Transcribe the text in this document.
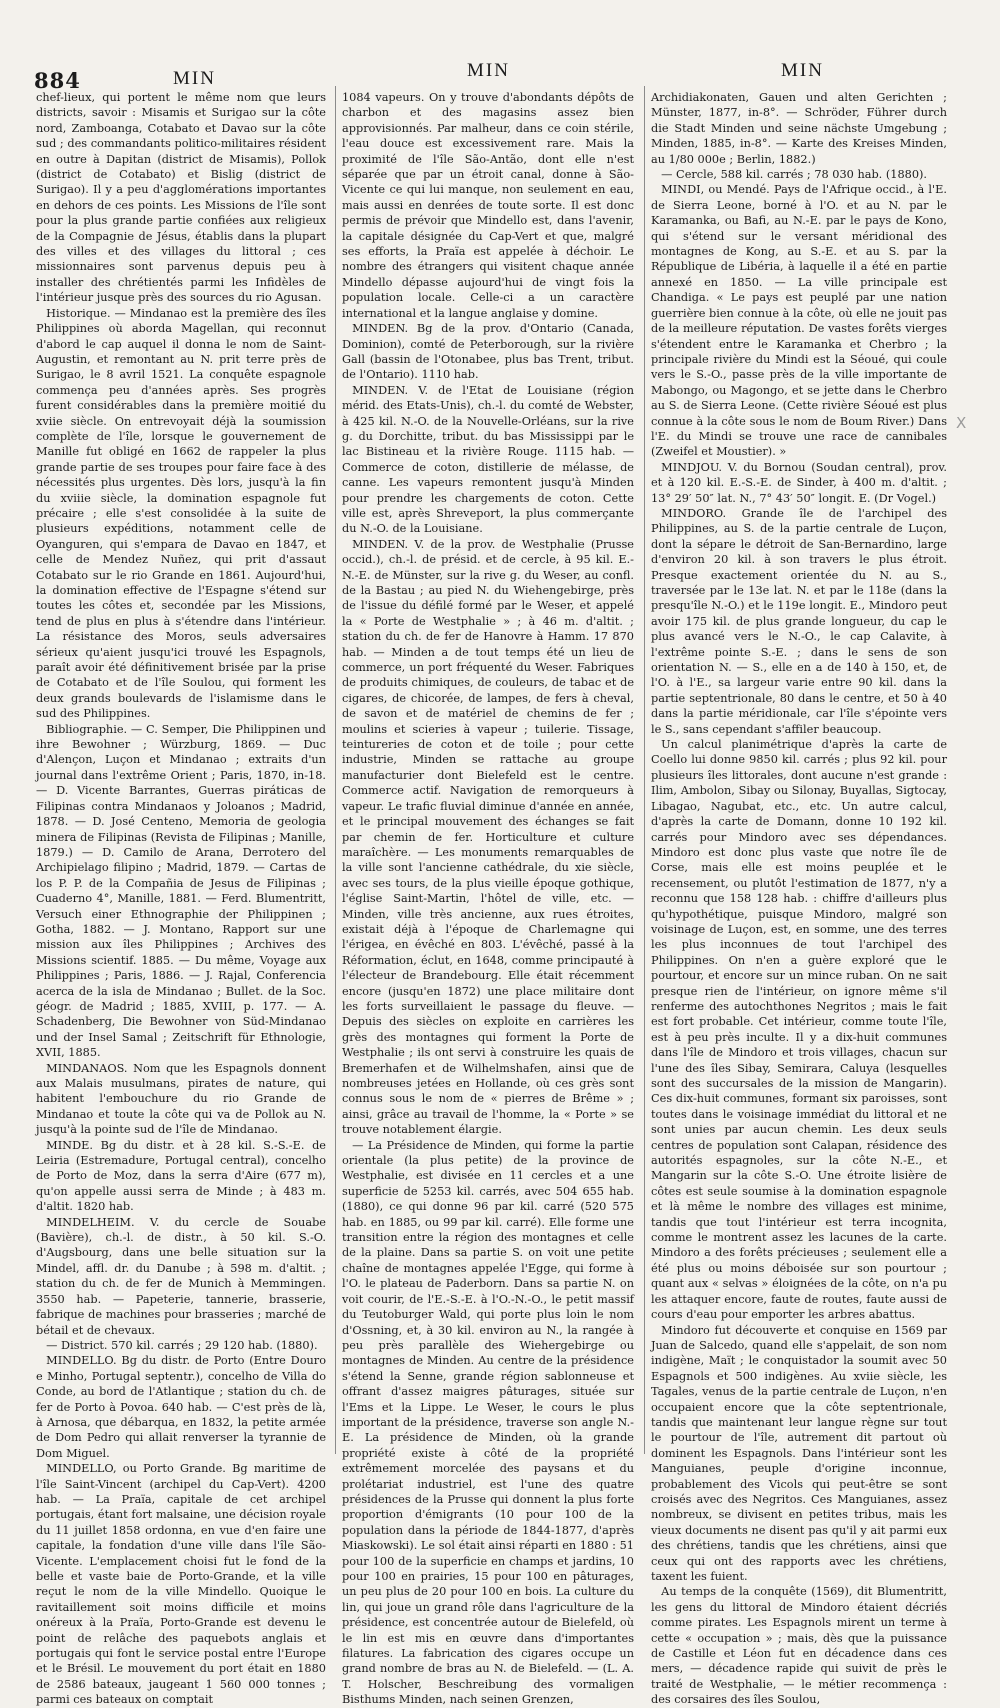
884	MIN	MIN	MIN

chef-lieux, qui portent le même nom que leurs districts, savoir : Misamis et Surigao sur la côte nord, Zamboanga, Cotabato et Davao sur la côte sud ; des commandants politico-militaires résident en outre à Dapitan (district de Misamis), Pollok (district de Cotabato) et Bislig (district de Surigao). Il y a peu d'agglomérations importantes en dehors de ces points. Les Missions de l'île sont pour la plus grande partie confiées aux religieux de la Compagnie de Jésus, établis dans la plupart des villes et des villages du littoral ; ces missionnaires sont parvenus depuis peu à installer des chrétientés parmi les Infidèles de l'intérieur jusque près des sources du rio Agusan.

Historique. — Mindanao est la première des îles Philippines où aborda Magellan, qui reconnut d'abord le cap auquel il donna le nom de Saint-Augustin, et remontant au N. prit terre près de Surigao, le 8 avril 1521. La conquête espagnole commença peu d'années après. Ses progrès furent considérables dans la première moitié du xviie siècle. On entrevoyait déjà la soumission complète de l'île, lorsque le gouvernement de Manille fut obligé en 1662 de rappeler la plus grande partie de ses troupes pour faire face à des nécessités plus urgentes. Dès lors, jusqu'à la fin du xviiie siècle, la domination espagnole fut précaire ; elle s'est consolidée à la suite de plusieurs expéditions, notamment celle de Oyanguren, qui s'empara de Davao en 1847, et celle de Mendez Nuñez, qui prit d'assaut Cotabato sur le rio Grande en 1861. Aujourd'hui, la domination effective de l'Espagne s'étend sur toutes les côtes et, secondée par les Missions, tend de plus en plus à s'étendre dans l'intérieur. La résistance des Moros, seuls adversaires sérieux qu'aient jusqu'ici trouvé les Espagnols, paraît avoir été définitivement brisée par la prise de Cotabato et de l'île Soulou, qui forment les deux grands boulevards de l'islamisme dans le sud des Philippines.

Bibliographie. — C. Semper, Die Philippinen und ihre Bewohner ; Würzburg, 1869. — Duc d'Alençon, Luçon et Mindanao ; extraits d'un journal dans l'extrême Orient ; Paris, 1870, in-18. — D. Vicente Barrantes, Guerras piráticas de Filipinas contra Mindanaos y Joloanos ; Madrid, 1878. — D. José Centeno, Memoria de geologia minera de Filipinas (Revista de Filipinas ; Manille, 1879.) — D. Camilo de Arana, Derrotero del Archipielago filipino ; Madrid, 1879. — Cartas de los P. P. de la Compañia de Jesus de Filipinas ; Cuaderno 4°, Manille, 1881. — Ferd. Blumentritt, Versuch einer Ethnographie der Philippinen ; Gotha, 1882. — J. Montano, Rapport sur une mission aux îles Philippines ; Archives des Missions scientif. 1885. — Du même, Voyage aux Philippines ; Paris, 1886. — J. Rajal, Conferencia acerca de la isla de Mindanao ; Bullet. de la Soc. géogr. de Madrid ; 1885, XVIII, p. 177. — A. Schadenberg, Die Bewohner von Süd-Mindanao und der Insel Samal ; Zeitschrift für Ethnologie, XVII, 1885.

MINDANAOS. Nom que les Espagnols donnent aux Malais musulmans, pirates de nature, qui habitent l'embouchure du rio Grande de Mindanao et toute la côte qui va de Pollok au N. jusqu'à la pointe sud de l'île de Mindanao.

MINDE. Bg du distr. et à 28 kil. S.-S.-E. de Leiria (Estremadure, Portugal central), concelho de Porto de Moz, dans la serra d'Aire (677 m), qu'on appelle aussi serra de Minde ; à 483 m. d'altit. 1820 hab.

MINDELHEIM. V. du cercle de Souabe (Bavière), ch.-l. de distr., à 50 kil. S.-O. d'Augsbourg, dans une belle situation sur la Mindel, affl. dr. du Danube ; à 598 m. d'altit. ; station du ch. de fer de Munich à Memmingen. 3550 hab. — Papeterie, tannerie, brasserie, fabrique de machines pour brasseries ; marché de bétail et de chevaux.

— District. 570 kil. carrés ; 29 120 hab. (1880).

MINDELLO. Bg du distr. de Porto (Entre Douro e Minho, Portugal septentr.), concelho de Villa do Conde, au bord de l'Atlantique ; station du ch. de fer de Porto à Povoa. 640 hab. — C'est près de là, à Arnosa, que débarqua, en 1832, la petite armée de Dom Pedro qui allait renverser la tyrannie de Dom Miguel.

MINDELLO, ou Porto Grande. Bg maritime de l'île Saint-Vincent (archipel du Cap-Vert). 4200 hab. — La Praïa, capitale de cet archipel portugais, étant fort malsaine, une décision royale du 11 juillet 1858 ordonna, en vue d'en faire une capitale, la fondation d'une ville dans l'île São-Vicente. L'emplacement choisi fut le fond de la belle et vaste baie de Porto-Grande, et la ville reçut le nom de la ville Mindello. Quoique le ravitaillement soit moins difficile et moins onéreux à la Praïa, Porto-Grande est devenu le point de relâche des paquebots anglais et portugais qui font le service postal entre l'Europe et le Brésil. Le mouvement du port était en 1880 de 2586 bateaux, jaugeant 1 560 000 tonnes ; parmi ces bateaux on comptait

1084 vapeurs. On y trouve d'abondants dépôts de charbon et des magasins assez bien approvisionnés. Par malheur, dans ce coin stérile, l'eau douce est excessivement rare. Mais la proximité de l'île São-Antão, dont elle n'est séparée que par un étroit canal, donne à São-Vicente ce qui lui manque, non seulement en eau, mais aussi en denrées de toute sorte. Il est donc permis de prévoir que Mindello est, dans l'avenir, la capitale désignée du Cap-Vert et que, malgré ses efforts, la Praïa est appelée à déchoir. Le nombre des étrangers qui visitent chaque année Mindello dépasse aujourd'hui de vingt fois la population locale. Celle-ci a un caractère international et la langue anglaise y domine.

MINDEN. Bg de la prov. d'Ontario (Canada, Dominion), comté de Peterborough, sur la rivière Gall (bassin de l'Otonabee, plus bas Trent, tribut. de l'Ontario). 1110 hab.

MINDEN. V. de l'Etat de Louisiane (région mérid. des Etats-Unis), ch.-l. du comté de Webster, à 425 kil. N.-O. de la Nouvelle-Orléans, sur la rive g. du Dorchitte, tribut. du bas Mississippi par le lac Bistineau et la rivière Rouge. 1115 hab. — Commerce de coton, distillerie de mélasse, de canne. Les vapeurs remontent jusqu'à Minden pour prendre les chargements de coton. Cette ville est, après Shreveport, la plus commerçante du N.-O. de la Louisiane.

MINDEN. V. de la prov. de Westphalie (Prusse occid.), ch.-l. de présid. et de cercle, à 95 kil. E.-N.-E. de Münster, sur la rive g. du Weser, au confl. de la Bastau ; au pied N. du Wiehengebirge, près de l'issue du défilé formé par le Weser, et appelé la « Porte de Westphalie » ; à 46 m. d'altit. ; station du ch. de fer de Hanovre à Hamm. 17 870 hab. — Minden a de tout temps été un lieu de commerce, un port fréquenté du Weser. Fabriques de produits chimiques, de couleurs, de tabac et de cigares, de chicorée, de lampes, de fers à cheval, de savon et de matériel de chemins de fer ; moulins et scieries à vapeur ; tuilerie. Tissage, teintureries de coton et de toile ; pour cette industrie, Minden se rattache au groupe manufacturier dont Bielefeld est le centre. Commerce actif. Navigation de remorqueurs à vapeur. Le trafic fluvial diminue d'année en année, et le principal mouvement des échanges se fait par chemin de fer. Horticulture et culture maraîchère. — Les monuments remarquables de la ville sont l'ancienne cathédrale, du xie siècle, avec ses tours, de la plus vieille époque gothique, l'église Saint-Martin, l'hôtel de ville, etc. — Minden, ville très ancienne, aux rues étroites, existait déjà à l'époque de Charlemagne qui l'érigea, en évêché en 803. L'évêché, passé à la Réformation, éclut, en 1648, comme principauté à l'électeur de Brandebourg. Elle était récemment encore (jusqu'en 1872) une place militaire dont les forts surveillaient le passage du fleuve. — Depuis des siècles on exploite en carrières les grès des montagnes qui forment la Porte de Westphalie ; ils ont servi à construire les quais de Bremerhafen et de Wilhelmshafen, ainsi que de nombreuses jetées en Hollande, où ces grès sont connus sous le nom de « pierres de Brême » ; ainsi, grâce au travail de l'homme, la « Porte » se trouve notablement élargie.

— La Présidence de Minden, qui forme la partie orientale (la plus petite) de la province de Westphalie, est divisée en 11 cercles et a une superficie de 5253 kil. carrés, avec 504 655 hab. (1880), ce qui donne 96 par kil. carré (520 575 hab. en 1885, ou 99 par kil. carré). Elle forme une transition entre la région des montagnes et celle de la plaine. Dans sa partie S. on voit une petite chaîne de montagnes appelée l'Egge, qui forme à l'O. le plateau de Paderborn. Dans sa partie N. on voit courir, de l'E.-S.-E. à l'O.-N.-O., le petit massif du Teutoburger Wald, qui porte plus loin le nom d'Ossning, et, à 30 kil. environ au N., la rangée à peu près parallèle des Wiehergebirge ou montagnes de Minden. Au centre de la présidence s'étend la Senne, grande région sablonneuse et offrant d'assez maigres pâturages, située sur l'Ems et la Lippe. Le Weser, le cours le plus important de la présidence, traverse son angle N.-E. La présidence de Minden, où la grande propriété existe à côté de la propriété extrêmement morcelée des paysans et du prolétariat industriel, est l'une des quatre présidences de la Prusse qui donnent la plus forte proportion d'émigrants (10 pour 100 de la population dans la période de 1844-1877, d'après Miaskowski). Le sol était ainsi réparti en 1880 : 51 pour 100 de la superficie en champs et jardins, 10 pour 100 en prairies, 15 pour 100 en pâturages, un peu plus de 20 pour 100 en bois. La culture du lin, qui joue un grand rôle dans l'agriculture de la présidence, est concentrée autour de Bielefeld, où le lin est mis en œuvre dans d'importantes filatures. La fabrication des cigares occupe un grand nombre de bras au N. de Bielefeld. — (L. A. T. Holscher, Beschreibung des vormaligen Bisthums Minden, nach seinen Grenzen,

Archidiakonaten, Gauen und alten Gerichten ; Münster, 1877, in-8°. — Schröder, Führer durch die Stadt Minden und seine nächste Umgebung ; Minden, 1885, in-8°. — Karte des Kreises Minden, au 1/80 000e ; Berlin, 1882.)

— Cercle, 588 kil. carrés ; 78 030 hab. (1880).

MINDI, ou Mendé. Pays de l'Afrique occid., à l'E. de Sierra Leone, borné à l'O. et au N. par le Karamanka, ou Bafi, au N.-E. par le pays de Kono, qui s'étend sur le versant méridional des montagnes de Kong, au S.-E. et au S. par la République de Libéria, à laquelle il a été en partie annexé en 1850. — La ville principale est Chandiga. « Le pays est peuplé par une nation guerrière bien connue à la côte, où elle ne jouit pas de la meilleure réputation. De vastes forêts vierges s'étendent entre le Karamanka et Cherbro ; la principale rivière du Mindi est la Séoué, qui coule vers le S.-O., passe près de la ville importante de Mabongo, ou Magongo, et se jette dans le Cherbro au S. de Sierra Leone. (Cette rivière Séoué est plus connue à la côte sous le nom de Boum River.) Dans l'E. du Mindi se trouve une race de cannibales (Zweifel et Moustier). »

MINDJOU. V. du Bornou (Soudan central), prov. et à 120 kil. E.-S.-E. de Sinder, à 400 m. d'altit. ; 13° 29′ 50″ lat. N., 7° 43′ 50″ longit. E. (Dr Vogel.)

MINDORO. Grande île de l'archipel des Philippines, au S. de la partie centrale de Luçon, dont la sépare le détroit de San-Bernardino, large d'environ 20 kil. à son travers le plus étroit. Presque exactement orientée du N. au S., traversée par le 13e lat. N. et par le 118e (dans la presqu'île N.-O.) et le 119e longit. E., Mindoro peut avoir 175 kil. de plus grande longueur, du cap le plus avancé vers le N.-O., le cap Calavite, à l'extrême pointe S.-E. ; dans le sens de son orientation N. — S., elle en a de 140 à 150, et, de l'O. à l'E., sa largeur varie entre 90 kil. dans la partie septentrionale, 80 dans le centre, et 50 à 40 dans la partie méridionale, car l'île s'épointe vers le S., sans cependant s'affiler beaucoup.

Un calcul planimétrique d'après la carte de Coello lui donne 9850 kil. carrés ; plus 92 kil. pour plusieurs îles littorales, dont aucune n'est grande : Ilim, Ambolon, Sibay ou Silonay, Buyallas, Sigtocay, Libagao, Nagubat, etc., etc. Un autre calcul, d'après la carte de Domann, donne 10 192 kil. carrés pour Mindoro avec ses dépendances. Mindoro est donc plus vaste que notre île de Corse, mais elle est moins peuplée et le recensement, ou plutôt l'estimation de 1877, n'y a reconnu que 158 128 hab. : chiffre d'ailleurs plus qu'hypothétique, puisque Mindoro, malgré son voisinage de Luçon, est, en somme, une des terres les plus inconnues de tout l'archipel des Philippines. On n'en a guère exploré que le pourtour, et encore sur un mince ruban. On ne sait presque rien de l'intérieur, on ignore même s'il renferme des autochthones Negritos ; mais le fait est fort probable. Cet intérieur, comme toute l'île, est à peu près inculte. Il y a dix-huit communes dans l'île de Mindoro et trois villages, chacun sur l'une des îles Sibay, Semirara, Caluya (lesquelles sont des succursales de la mission de Mangarin). Ces dix-huit communes, formant six paroisses, sont toutes dans le voisinage immédiat du littoral et ne sont unies par aucun chemin. Les deux seuls centres de population sont Calapan, résidence des autorités espagnoles, sur la côte N.-E., et Mangarin sur la côte S.-O. Une étroite lisière de côtes est seule soumise à la domination espagnole et là même le nombre des villages est minime, tandis que tout l'intérieur est terra incognita, comme le montrent assez les lacunes de la carte. Mindoro a des forêts précieuses ; seulement elle a été plus ou moins déboisée sur son pourtour ; quant aux « selvas » éloignées de la côte, on n'a pu les attaquer encore, faute de routes, faute aussi de cours d'eau pour emporter les arbres abattus.

Mindoro fut découverte et conquise en 1569 par Juan de Salcedo, quand elle s'appelait, de son nom indigène, Maït ; le conquistador la soumit avec 50 Espagnols et 500 indigènes. Au xviie siècle, les Tagales, venus de la partie centrale de Luçon, n'en occupaient encore que la côte septentrionale, tandis que maintenant leur langue règne sur tout le pourtour de l'île, autrement dit partout où dominent les Espagnols. Dans l'intérieur sont les Manguianes, peuple d'origine inconnue, probablement des Vicols qui peut-être se sont croisés avec des Negritos. Ces Manguianes, assez nombreux, se divisent en petites tribus, mais les vieux documents ne disent pas qu'il y ait parmi eux des chrétiens, tandis que les chrétiens, ainsi que ceux qui ont des rapports avec les chrétiens, taxent les fuient.

Au temps de la conquête (1569), dit Blumentritt, les gens du littoral de Mindoro étaient décriés comme pirates. Les Espagnols mirent un terme à cette « occupation » ; mais, dès que la puissance de Castille et Léon fut en décadence dans ces mers, — décadence rapide qui suivit de près le traité de Westphalie, — le métier recommença : des corsaires des îles Soulou,

X
